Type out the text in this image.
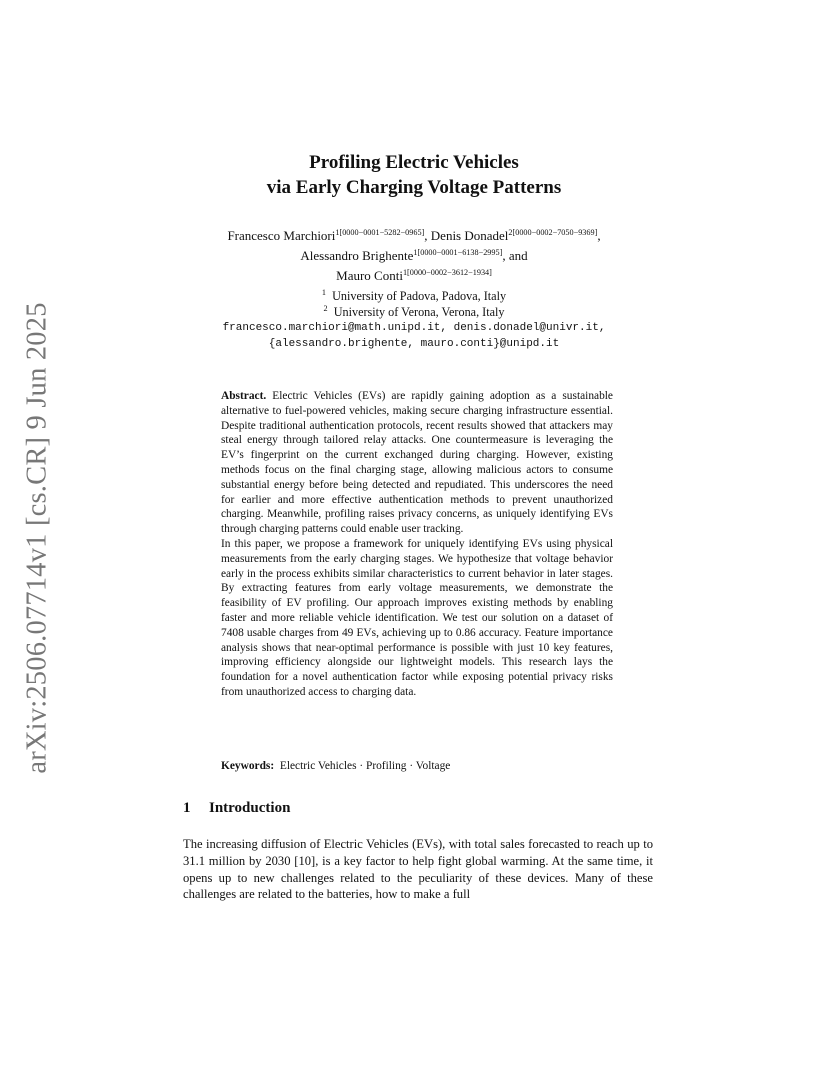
arXiv:2506.07714v1 [cs.CR] 9 Jun 2025
Profiling Electric Vehicles
via Early Charging Voltage Patterns
Francesco Marchiori$^{1[0000-0001-5282-0965]}$, Denis Donadel$^{2[0000-0002-7050-9369]}$,
Alessandro Brighente$^{1[0000-0001-6138-2995]}$, and
Mauro Conti$^{1[0000-0002-3612-1934]}$
$^1$ University of Padova, Padova, Italy
$^2$ University of Verona, Verona, Italy
francesco.marchiori@math.unipd.it, denis.donadel@univr.it,
{alessandro.brighente, mauro.conti}@unipd.it

Abstract. Electric Vehicles (EVs) are rapidly gaining adoption as a sustainable alternative to fuel-powered vehicles, making secure charging infrastructure essential. Despite traditional authentication protocols, recent results showed that attackers may steal energy through tailored relay attacks. One countermeasure is leveraging the EV’s fingerprint on the current exchanged during charging. However, existing methods focus on the final charging stage, allowing malicious actors to consume substantial energy before being detected and repudiated. This underscores the need for earlier and more effective authentication methods to prevent unauthorized charging. Meanwhile, profiling raises privacy concerns, as uniquely identifying EVs through charging patterns could enable user tracking.

In this paper, we propose a framework for uniquely identifying EVs using physical measurements from the early charging stages. We hypothesize that voltage behavior early in the process exhibits similar characteristics to current behavior in later stages. By extracting features from early voltage measurements, we demonstrate the feasibility of EV profiling. Our approach improves existing methods by enabling faster and more reliable vehicle identification. We test our solution on a dataset of 7408 usable charges from 49 EVs, achieving up to 0.86 accuracy. Feature importance analysis shows that near-optimal performance is possible with just 10 key features, improving efficiency alongside our lightweight models. This research lays the foundation for a novel authentication factor while exposing potential privacy risks from unauthorized access to charging data.

Keywords: Electric Vehicles · Profiling · Voltage
1 Introduction

The increasing diffusion of Electric Vehicles (EVs), with total sales forecasted to reach up to 31.1 million by 2030 [10], is a key factor to help fight global warming. At the same time, it opens up to new challenges related to the peculiarity of these devices. Many of these challenges are related to the batteries, how to make a full
